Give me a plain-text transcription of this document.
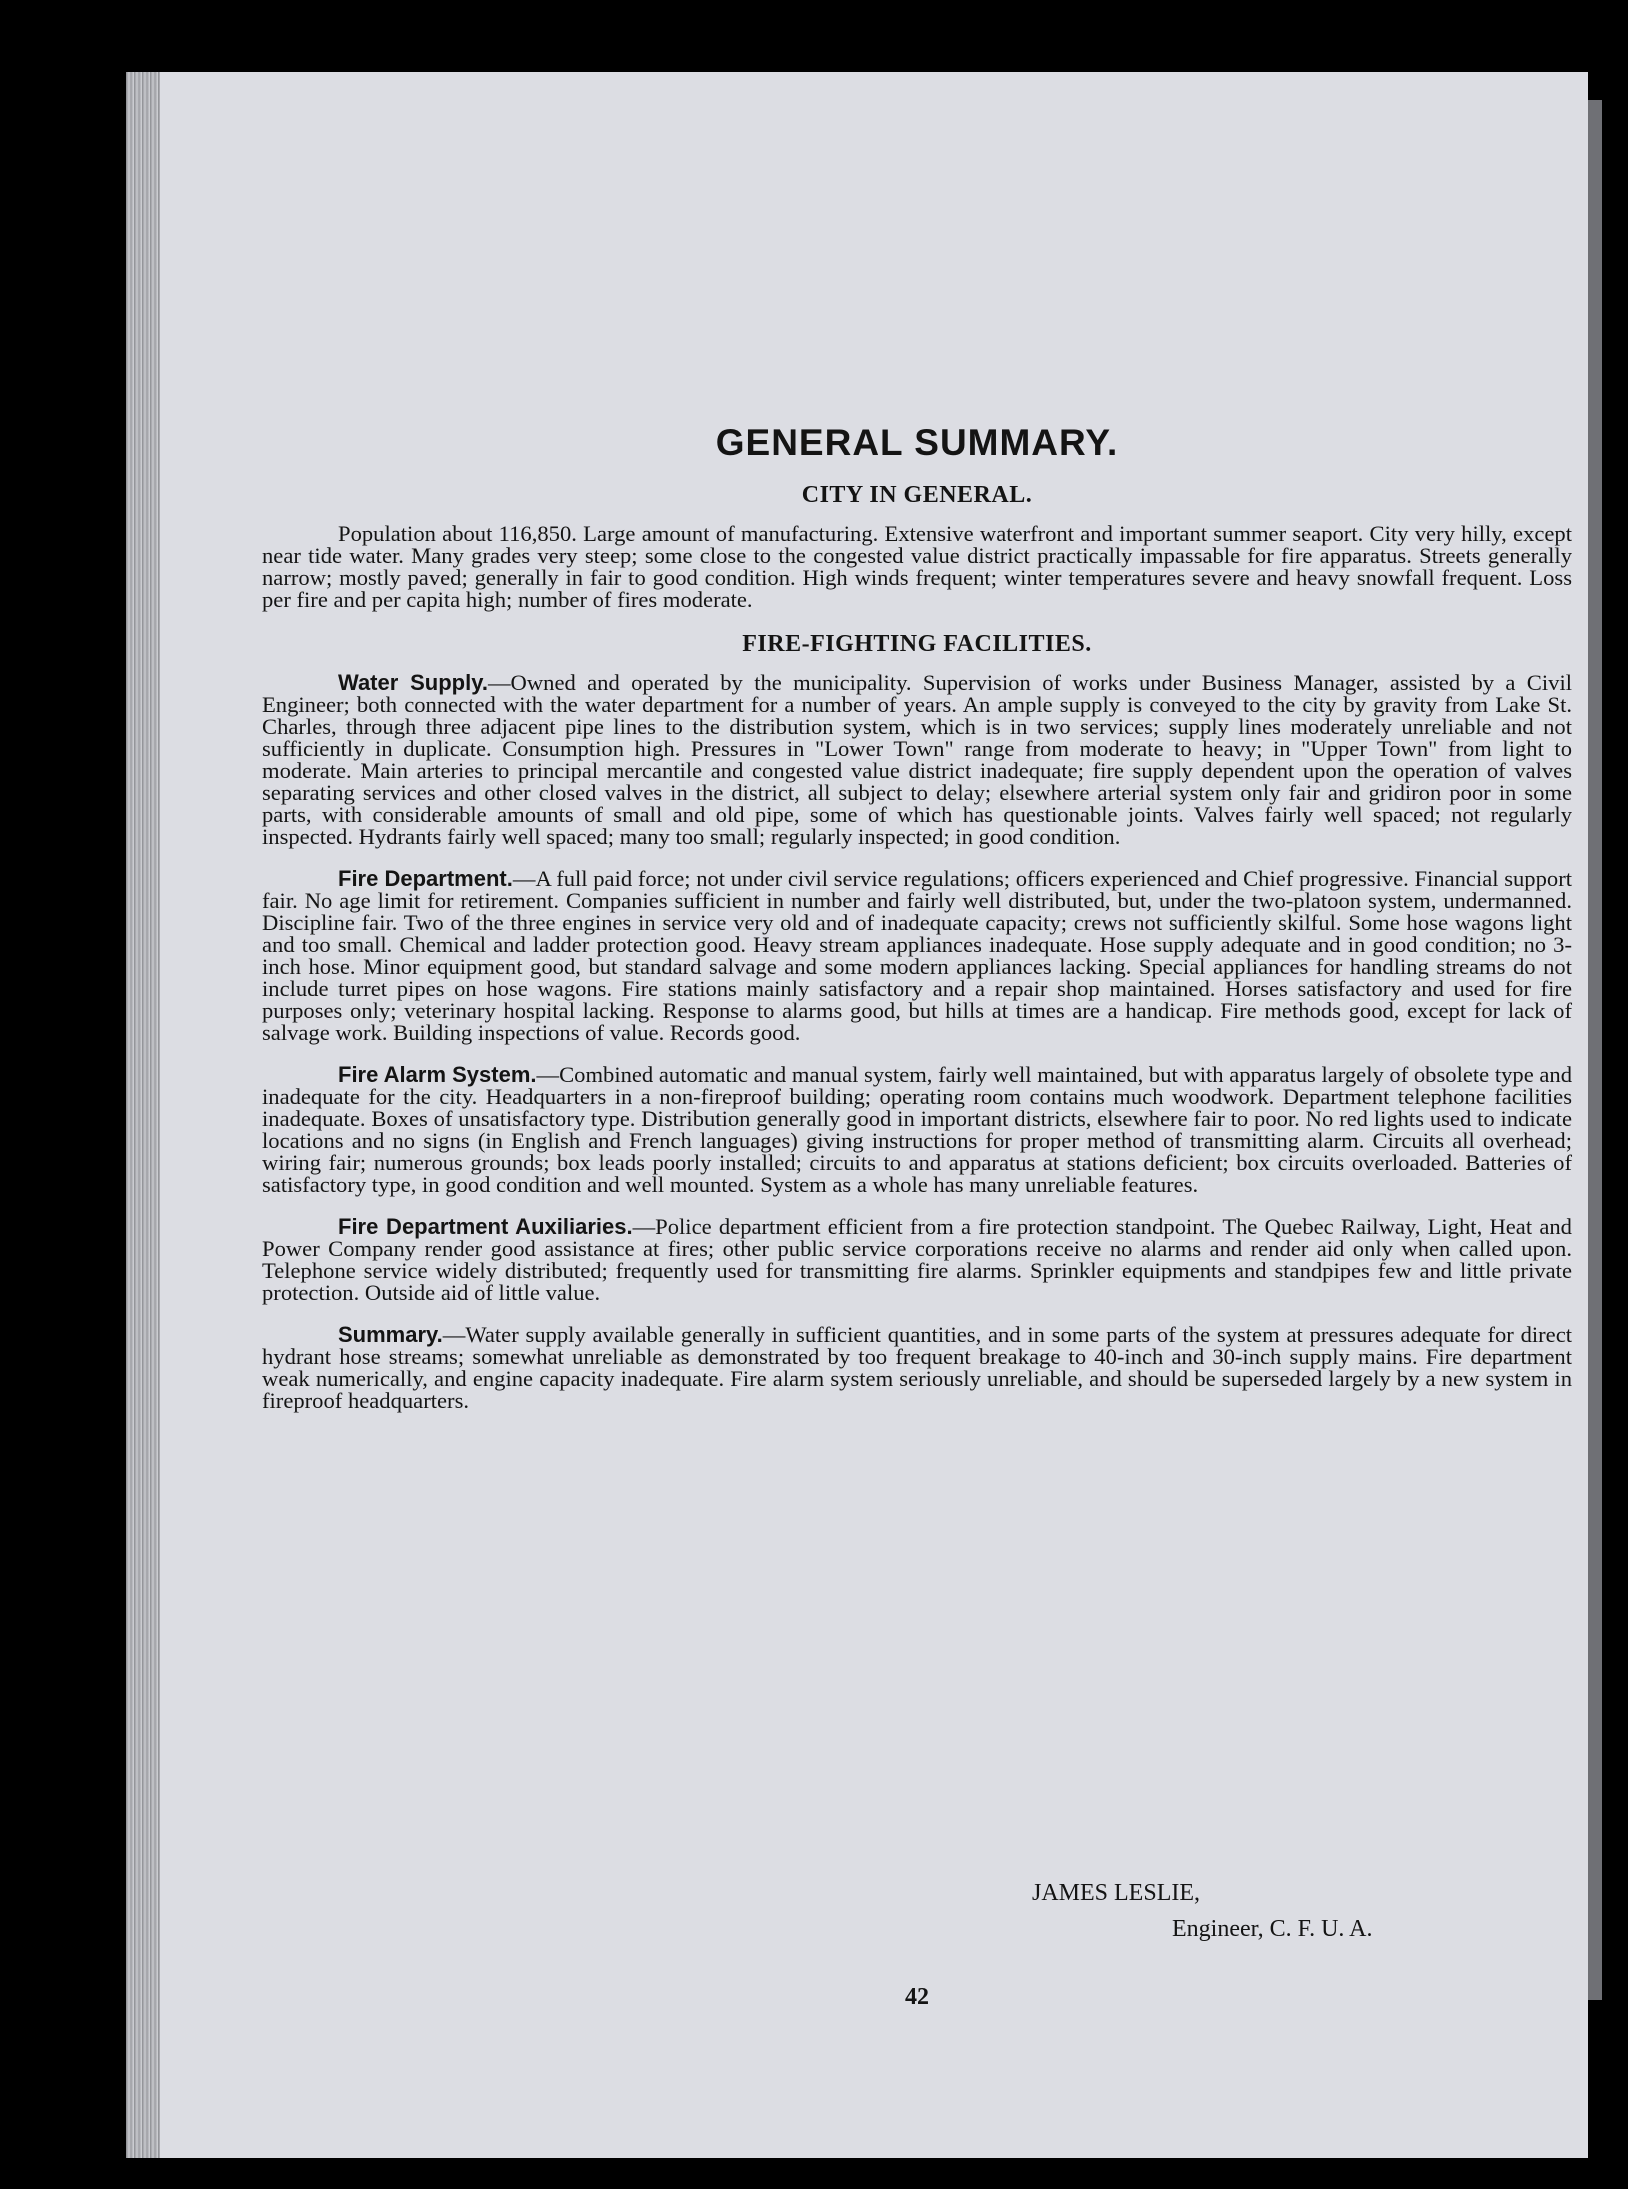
GENERAL SUMMARY.
CITY IN GENERAL.

Population about 116,850. Large amount of manufacturing. Extensive waterfront and important summer seaport. City very hilly, except near tide water. Many grades very steep; some close to the congested value district practically impassable for fire apparatus. Streets generally narrow; mostly paved; generally in fair to good condition. High winds frequent; winter temperatures severe and heavy snowfall frequent. Loss per fire and per capita high; number of fires moderate.

FIRE-FIGHTING FACILITIES.

Water Supply.—Owned and operated by the municipality. Supervision of works under Business Manager, assisted by a Civil Engineer; both connected with the water department for a number of years. An ample supply is conveyed to the city by gravity from Lake St. Charles, through three adjacent pipe lines to the distribution system, which is in two services; supply lines moderately unreliable and not sufficiently in duplicate. Consumption high. Pressures in "Lower Town" range from moderate to heavy; in "Upper Town" from light to moderate. Main arteries to principal mercantile and congested value district inadequate; fire supply dependent upon the operation of valves separating services and other closed valves in the district, all subject to delay; elsewhere arterial system only fair and gridiron poor in some parts, with considerable amounts of small and old pipe, some of which has questionable joints. Valves fairly well spaced; not regularly inspected. Hydrants fairly well spaced; many too small; regularly inspected; in good condition.

Fire Department.—A full paid force; not under civil service regulations; officers experienced and Chief progressive. Financial support fair. No age limit for retirement. Companies sufficient in number and fairly well distributed, but, under the two-platoon system, undermanned. Discipline fair. Two of the three engines in service very old and of inadequate capacity; crews not sufficiently skilful. Some hose wagons light and too small. Chemical and ladder protection good. Heavy stream appliances inadequate. Hose supply adequate and in good condition; no 3-inch hose. Minor equipment good, but standard salvage and some modern appliances lacking. Special appliances for handling streams do not include turret pipes on hose wagons. Fire stations mainly satisfactory and a repair shop maintained. Horses satisfactory and used for fire purposes only; veterinary hospital lacking. Response to alarms good, but hills at times are a handicap. Fire methods good, except for lack of salvage work. Building inspections of value. Records good.

Fire Alarm System.—Combined automatic and manual system, fairly well maintained, but with apparatus largely of obsolete type and inadequate for the city. Headquarters in a non-fireproof building; operating room contains much woodwork. Department telephone facilities inadequate. Boxes of unsatisfactory type. Distribution generally good in important districts, elsewhere fair to poor. No red lights used to indicate locations and no signs (in English and French languages) giving instructions for proper method of transmitting alarm. Circuits all overhead; wiring fair; numerous grounds; box leads poorly installed; circuits to and apparatus at stations deficient; box circuits overloaded. Batteries of satisfactory type, in good condition and well mounted. System as a whole has many unreliable features.

Fire Department Auxiliaries.—Police department efficient from a fire protection standpoint. The Quebec Railway, Light, Heat and Power Company render good assistance at fires; other public service corporations receive no alarms and render aid only when called upon. Telephone service widely distributed; frequently used for transmitting fire alarms. Sprinkler equipments and standpipes few and little private protection. Outside aid of little value.

Summary.—Water supply available generally in sufficient quantities, and in some parts of the system at pressures adequate for direct hydrant hose streams; somewhat unreliable as demonstrated by too frequent breakage to 40-inch and 30-inch supply mains. Fire department weak numerically, and engine capacity inadequate. Fire alarm system seriously unreliable, and should be superseded largely by a new system in fireproof headquarters.

JAMES LESLIE,
Engineer, C. F. U. A.
42
